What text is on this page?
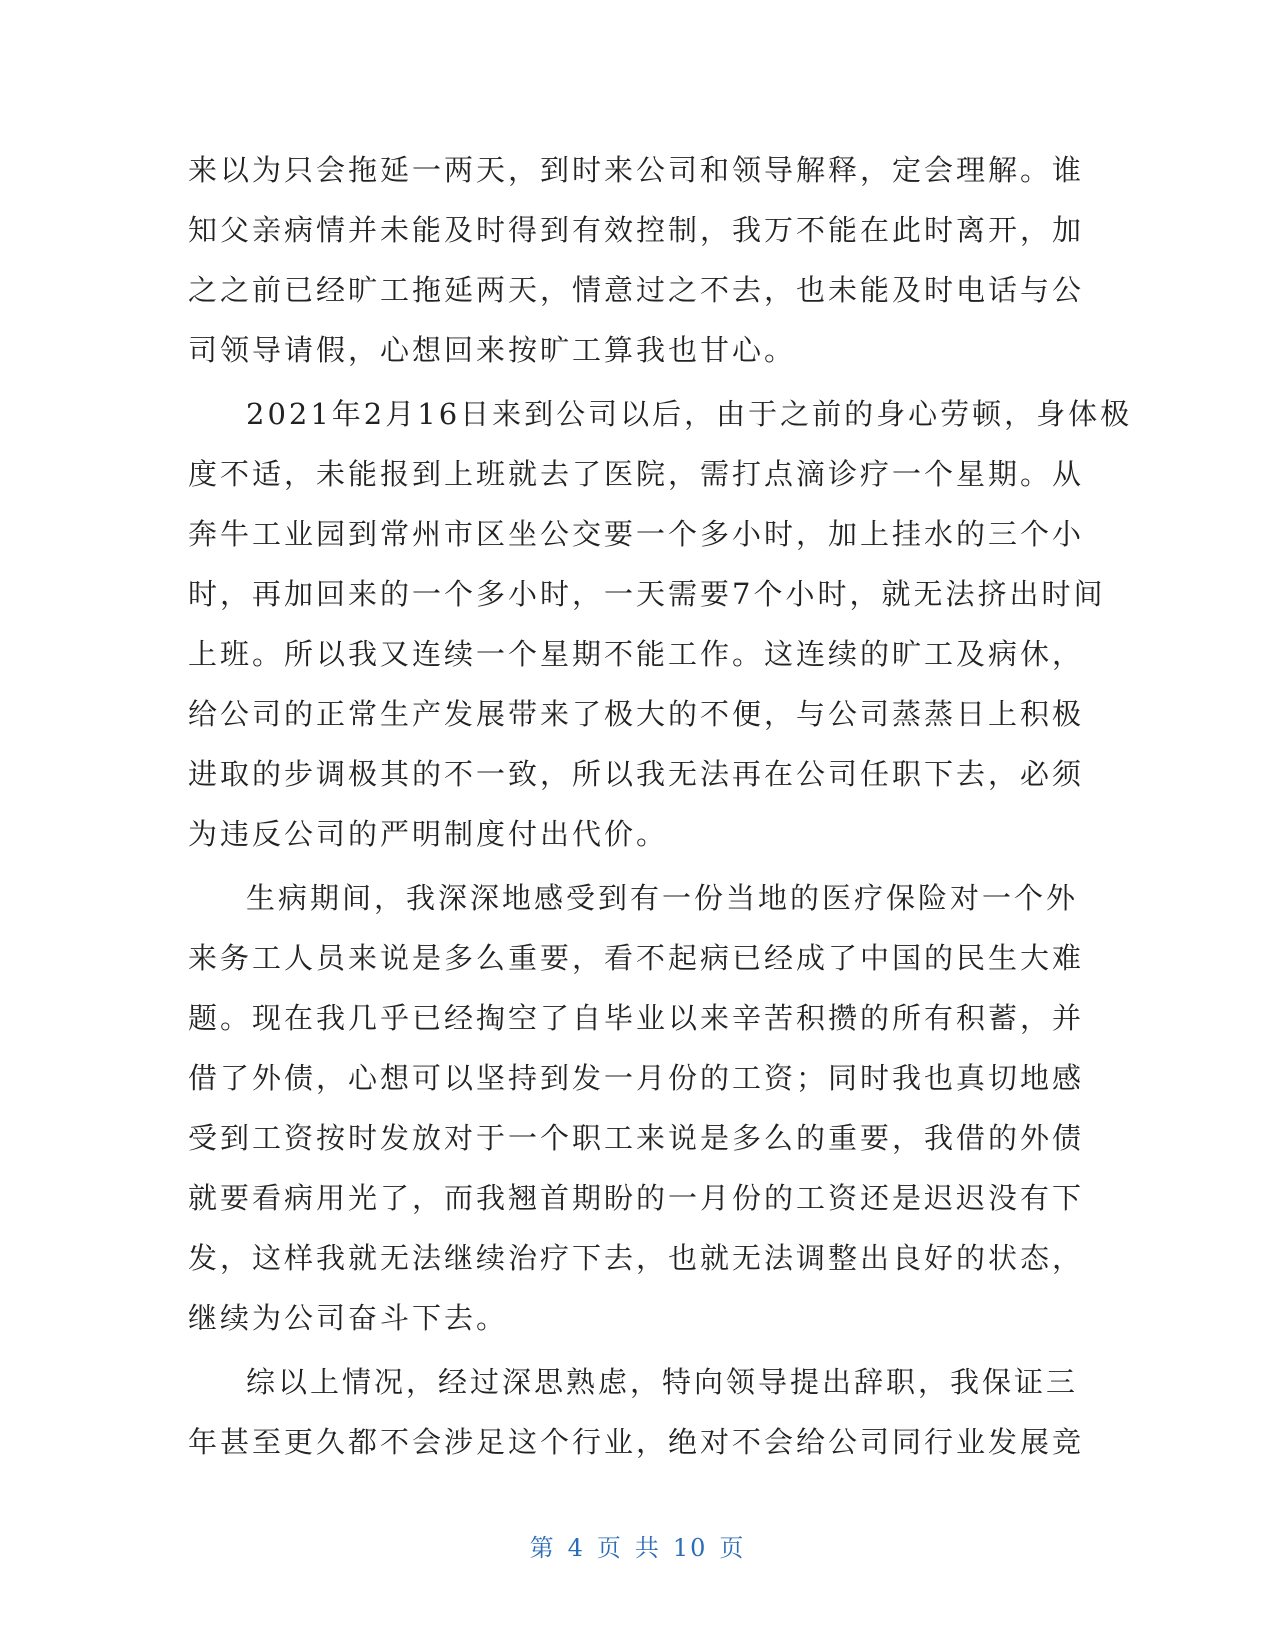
来以为只会拖延一两天，到时来公司和领导解释，定会理解。谁
知父亲病情并未能及时得到有效控制，我万不能在此时离开，加
之之前已经旷工拖延两天，情意过之不去，也未能及时电话与公
司领导请假，心想回来按旷工算我也甘心。
2021年2月16日来到公司以后，由于之前的身心劳顿，身体极
度不适，未能报到上班就去了医院，需打点滴诊疗一个星期。从
奔牛工业园到常州市区坐公交要一个多小时，加上挂水的三个小
时，再加回来的一个多小时，一天需要7个小时，就无法挤出时间
上班。所以我又连续一个星期不能工作。这连续的旷工及病休，
给公司的正常生产发展带来了极大的不便，与公司蒸蒸日上积极
进取的步调极其的不一致，所以我无法再在公司任职下去，必须
为违反公司的严明制度付出代价。
生病期间，我深深地感受到有一份当地的医疗保险对一个外
来务工人员来说是多么重要，看不起病已经成了中国的民生大难
题。现在我几乎已经掏空了自毕业以来辛苦积攒的所有积蓄，并
借了外债，心想可以坚持到发一月份的工资；同时我也真切地感
受到工资按时发放对于一个职工来说是多么的重要，我借的外债
就要看病用光了，而我翘首期盼的一月份的工资还是迟迟没有下
发，这样我就无法继续治疗下去，也就无法调整出良好的状态，
继续为公司奋斗下去。
综以上情况，经过深思熟虑，特向领导提出辞职，我保证三
年甚至更久都不会涉足这个行业，绝对不会给公司同行业发展竞
第 4 页 共 10 页
